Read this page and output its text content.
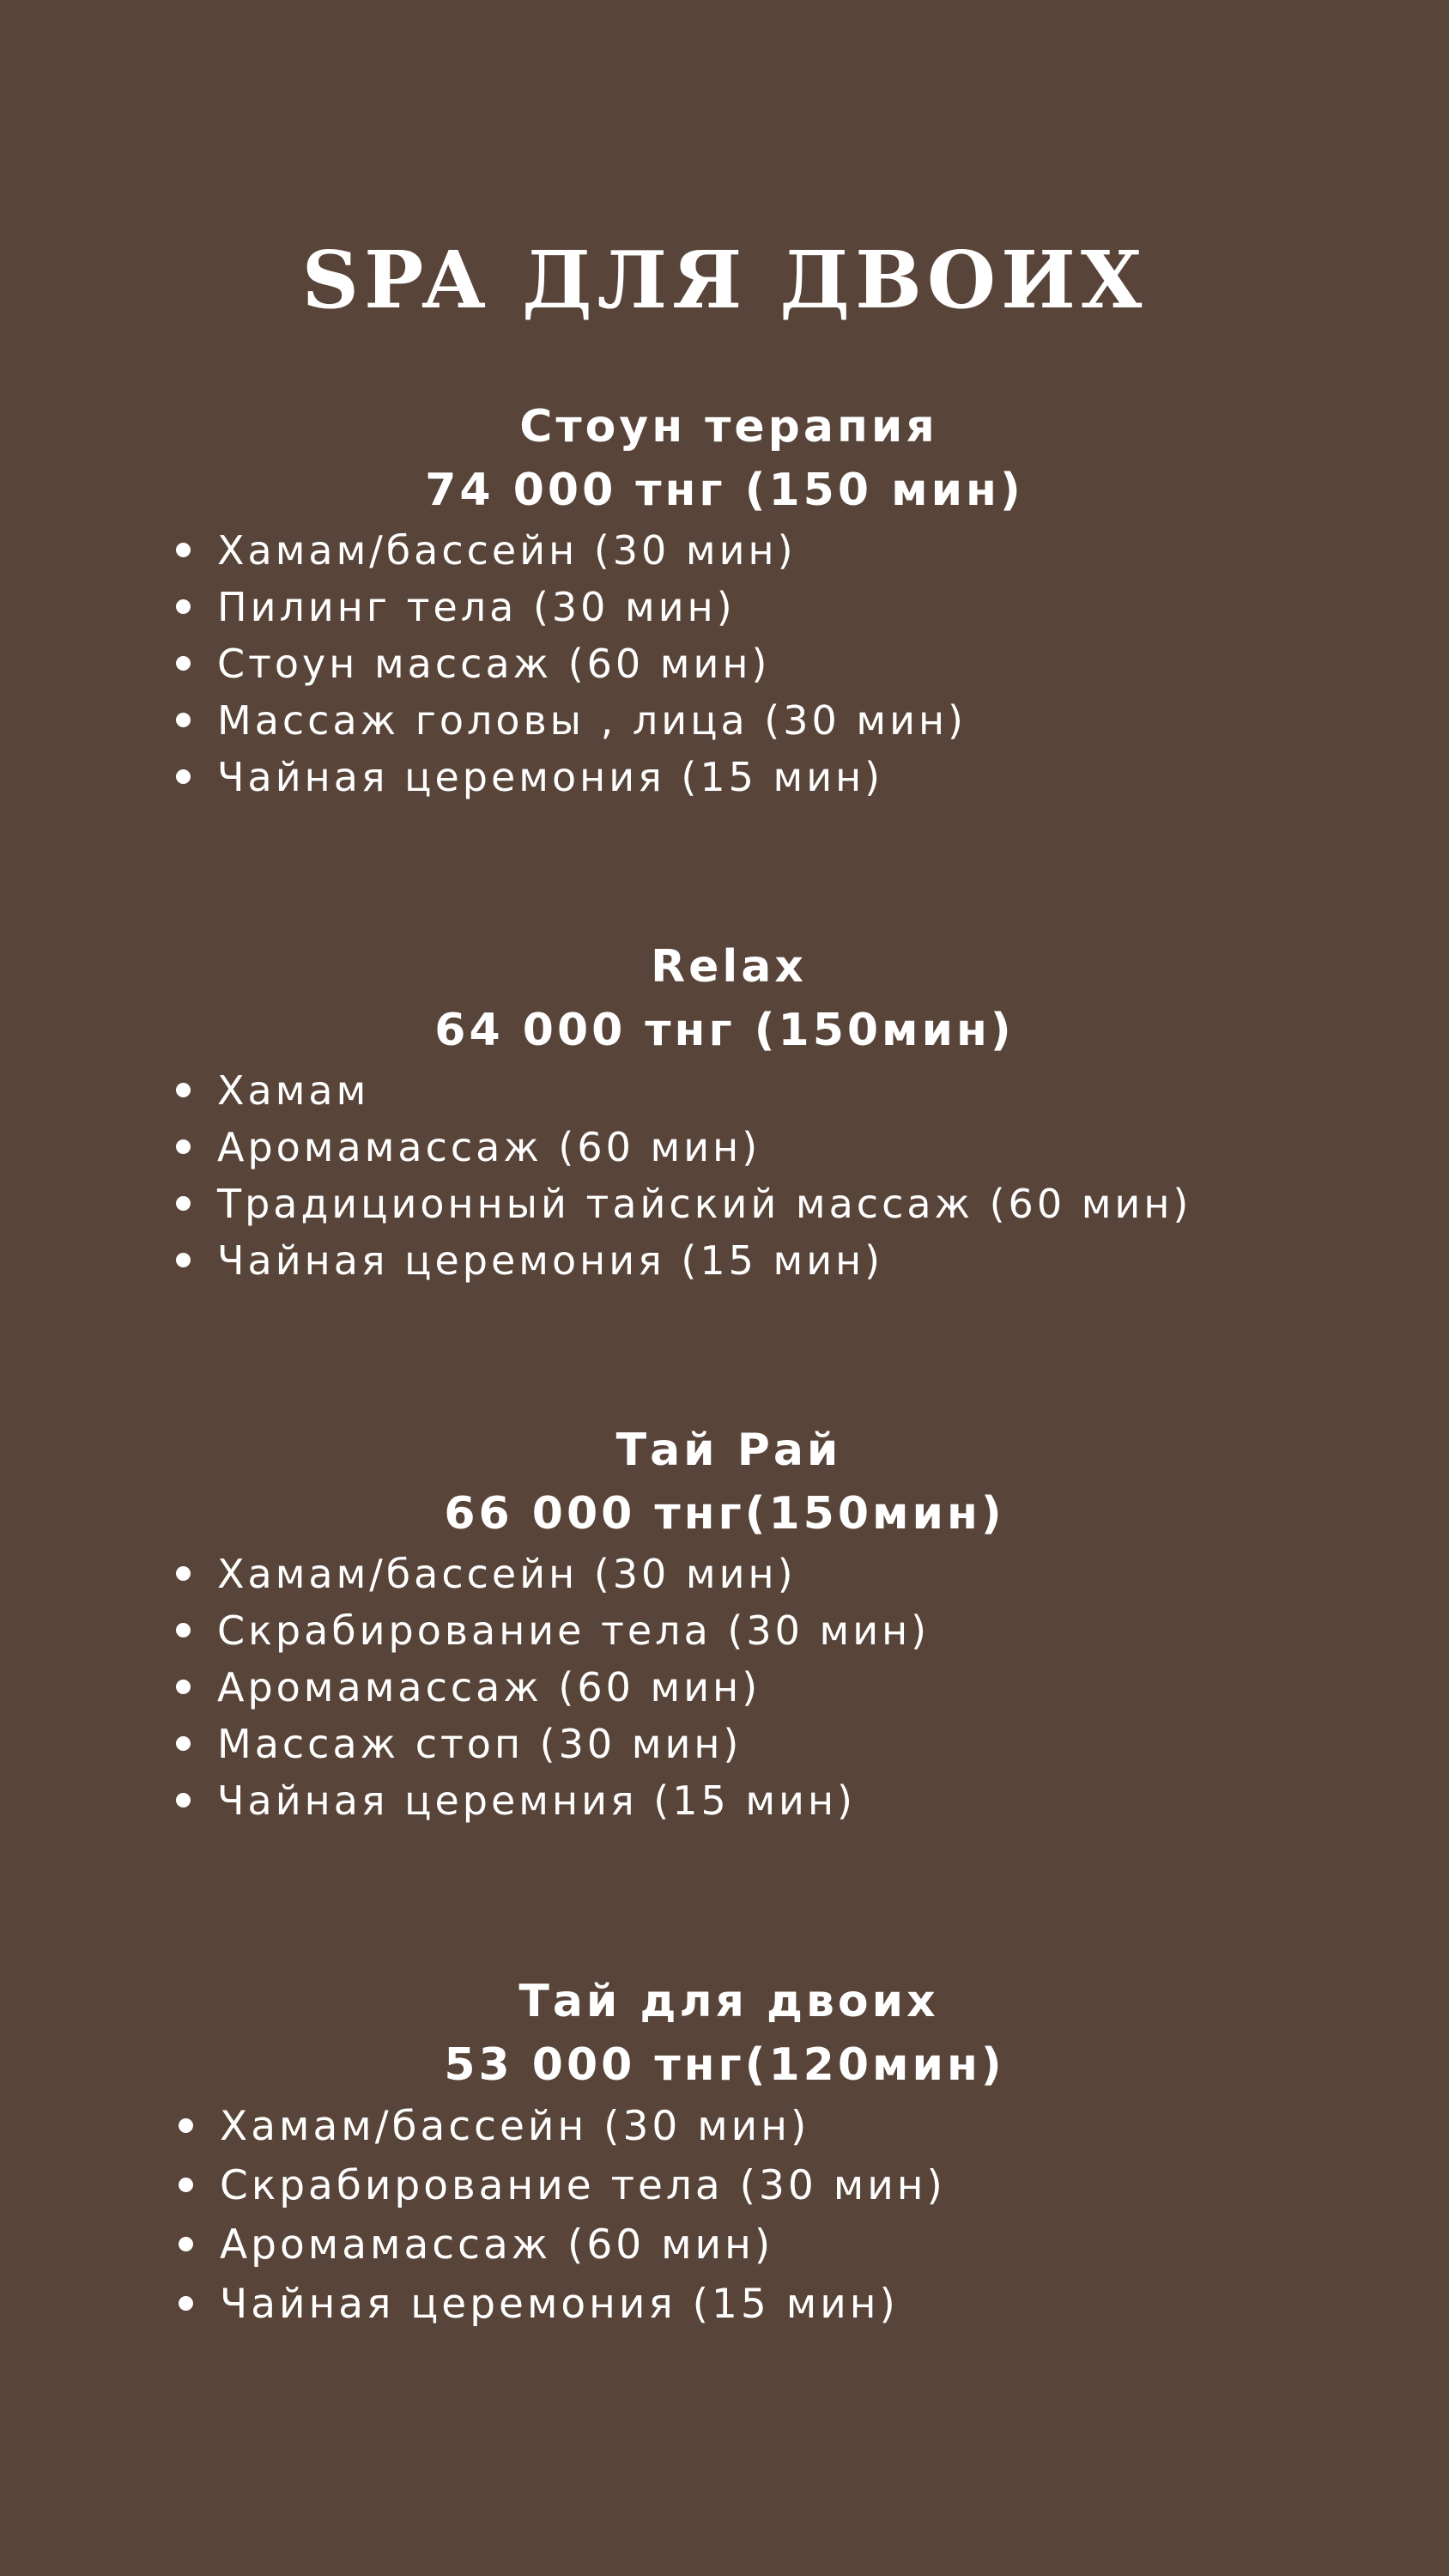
SPA ДЛЯ ДВОИХ
Стоун терапия

74 000 тнг (150 мин)

Хамам/бассейн (30 мин)
Пилинг тела (30 мин)
Стоун массаж (60 мин)
Массаж головы , лица (30 мин)
Чайная церемония (15 мин)
Relax

64 000 тнг (150мин)

Хамам
Аромамассаж (60 мин)
Традиционный тайский массаж (60 мин)
Чайная церемония (15 мин)
Тай Рай

66 000 тнг(150мин)

Хамам/бассейн (30 мин)
Скрабирование тела (30 мин)
Аромамассаж (60 мин)
Массаж стоп (30 мин)
Чайная церемния (15 мин)
Тай для двоих

53 000 тнг(120мин)

Хамам/бассейн (30 мин)
Скрабирование тела (30 мин)
Аромамассаж (60 мин)
Чайная церемония (15 мин)
